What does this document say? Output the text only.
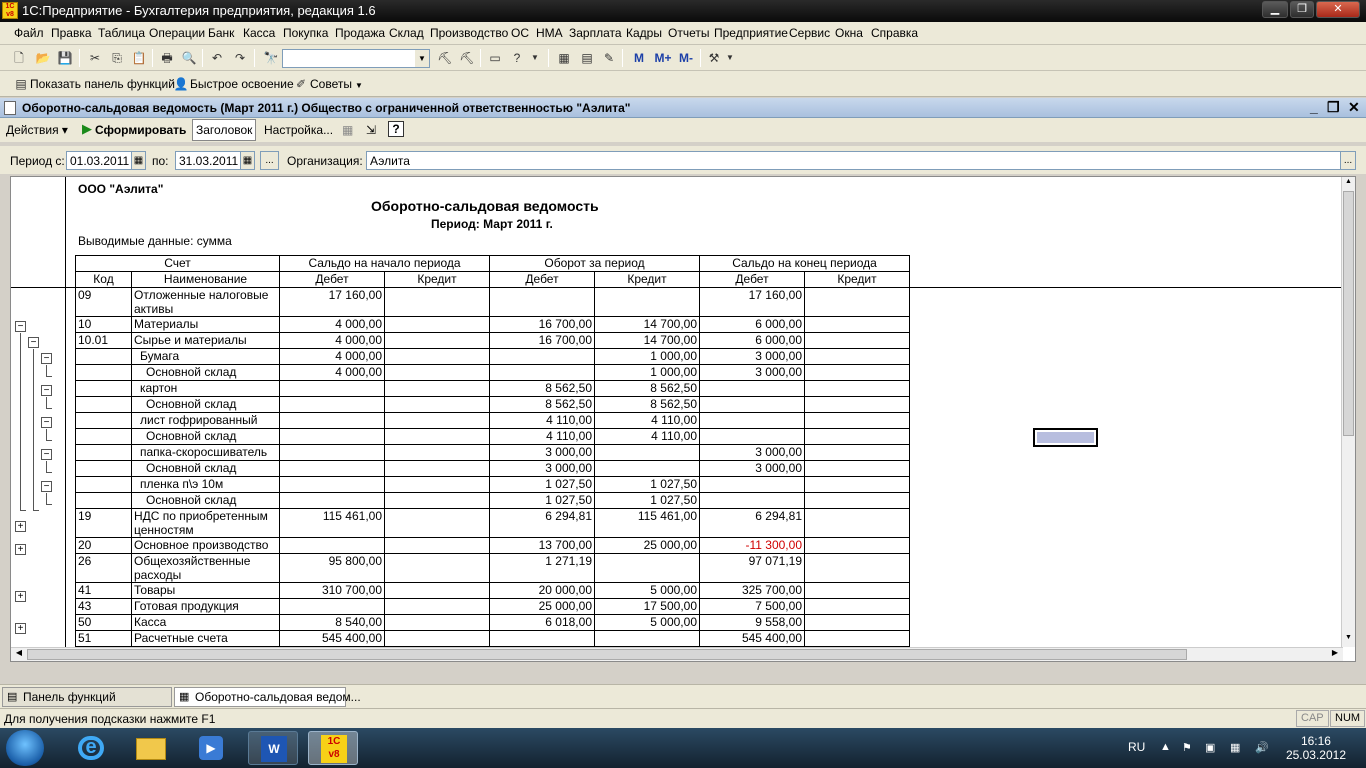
1С
v8 1С:Предприятие - Бухгалтерия предприятия, редакция 1.6	▁	❐	✕
Файл Правка Таблица Операции Банк Касса Покупка Продажа Склад Производство ОС НМА Зарплата Кадры Отчеты Предприятие Сервис Окна Справка
🗋 📂 💾	✂	⎘ 📋 🖶 🔍	↶	↷	🔭	▼ ⛏ ⛏ ▭	?	▼ ▦ ▤ ✎	M M+ M-	⚒ ▼
▤ Показать панель функций
👤 Быстрое освоение ✐ Советы ▼
Оборотно-сальдовая ведомость (Март 2011 г.) Общество с ограниченной ответственностью "Аэлита"	_ ❐ ✕
Действия ▾ ▶ Сформировать Заголовок Настройка... ▦ ⇲	?
Период с: 01.03.2011 ▦ по: 31.03.2011 ▦	...	Организация: Аэлита	...
−
−
−
−
−
−
−
+
+
+
+
ООО "Аэлита"
Оборотно-сальдовая ведомость
Период: Март 2011 г.
Выводимые данные: сумма
Счет		Сальдо на начало периода		Оборот за период		Сальдо на конец периода	
Код	Наименование	Дебет	Кредит	Дебет	Кредит	Дебет	Кредит
09	Отложенные налоговые активы	17 160,00				17 160,00	
10	Материалы	4 000,00		16 700,00	14 700,00	6 000,00	
10.01	Сырье и материалы	4 000,00		16 700,00	14 700,00	6 000,00	
	Бумага	4 000,00			1 000,00	3 000,00	
	Основной склад	4 000,00			1 000,00	3 000,00	
	картон			8 562,50	8 562,50		
	Основной склад			8 562,50	8 562,50		
	лист гофрированный			4 110,00	4 110,00		
	Основной склад			4 110,00	4 110,00		
	папка-скоросшиватель			3 000,00		3 000,00	
	Основной склад			3 000,00		3 000,00	
	пленка п\э 10м			1 027,50	1 027,50		
	Основной склад			1 027,50	1 027,50		
19	НДС по приобретенным ценностям	115 461,00		6 294,81	115 461,00	6 294,81	
20	Основное производство			13 700,00	25 000,00	-11 300,00	
26	Общехозяйственные расходы	95 800,00		1 271,19		97 071,19	
41	Товары	310 700,00		20 000,00	5 000,00	325 700,00	
43	Готовая продукция			25 000,00	17 500,00	7 500,00	
50	Касса	8 540,00		6 018,00	5 000,00	9 558,00	
51	Расчетные счета	545 400,00				545 400,00	

▲
▼
◀	▶
▤ Панель функций	▦ Оборотно-сальдовая ведом...
Для получения подсказки нажмите F1	CAP	NUM
e	▶	W
1С
v8
RU ▲ ⚑	▣	▦	🔊	16:16
25.03.2012
